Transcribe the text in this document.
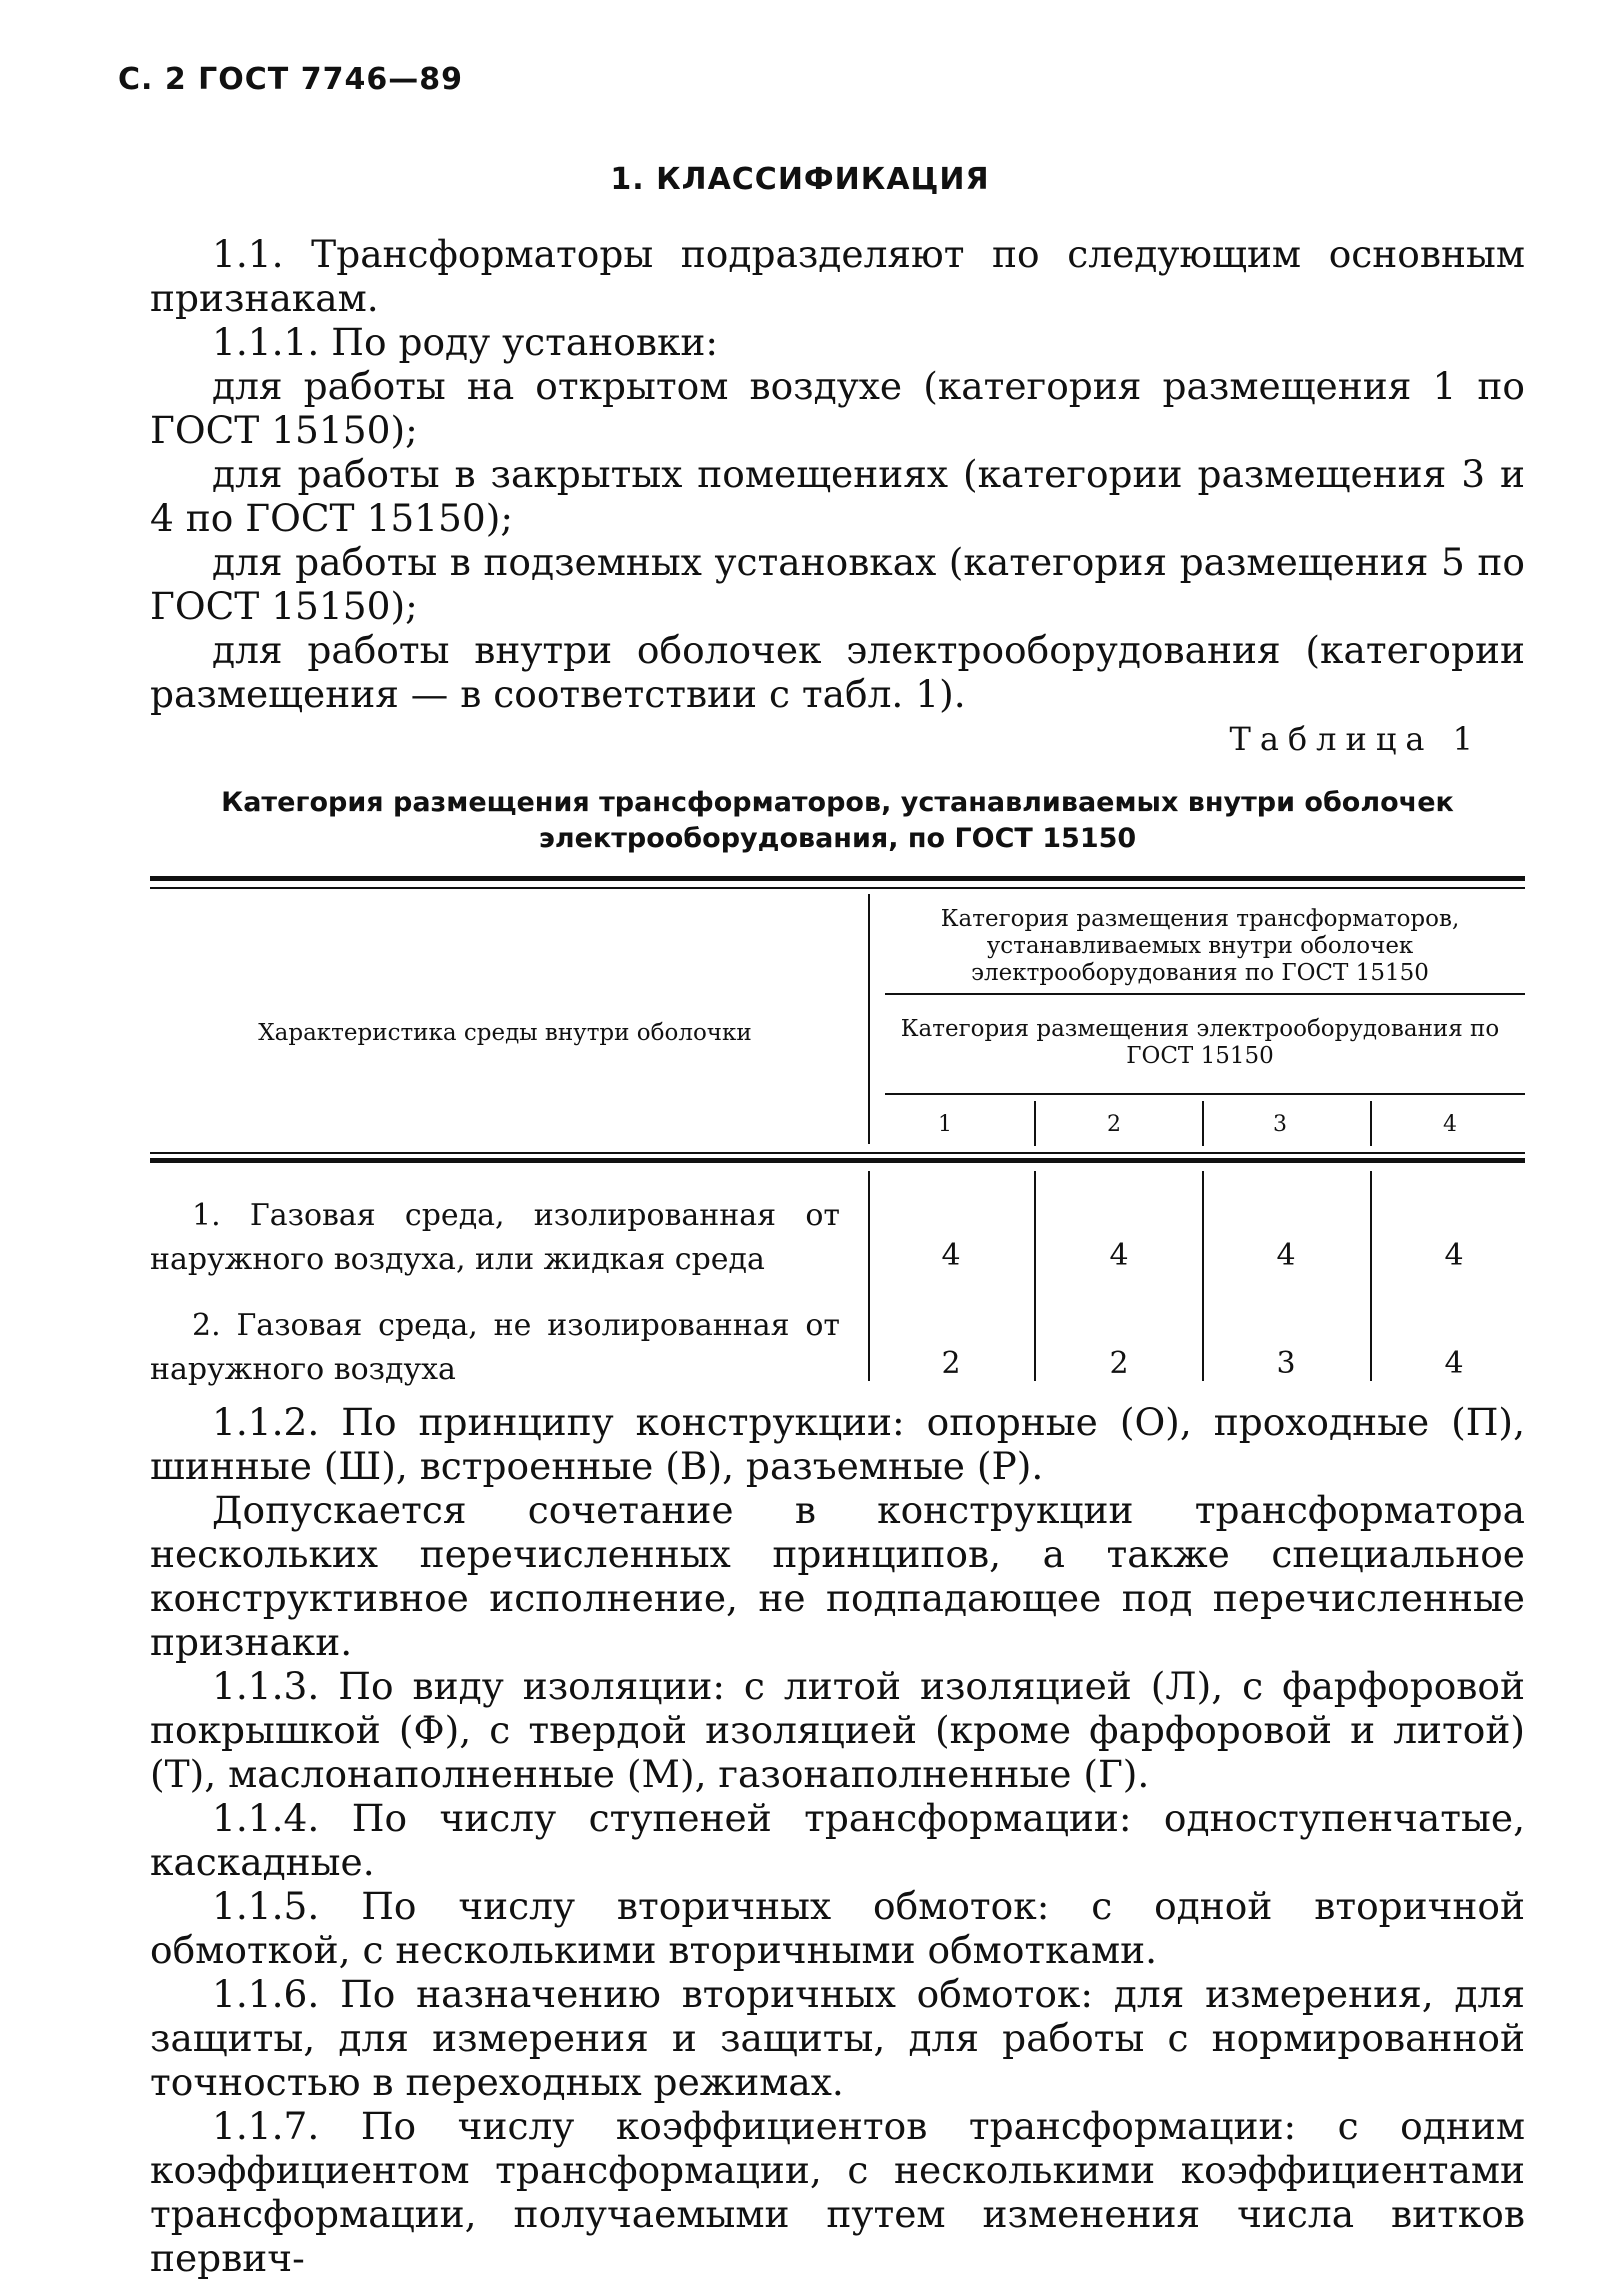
С. 2 ГОСТ 7746—89
1. КЛАССИФИКАЦИЯ

1.1. Трансформаторы подразделяют по следующим основным признакам.

1.1.1. По роду установки:

для работы на открытом воздухе (категория размещения 1 по ГОСТ 15150);

для работы в закрытых помещениях (категории размещения 3 и 4 по ГОСТ 15150);

для работы в подземных установках (категория размещения 5 по ГОСТ 15150);

для работы внутри оболочек электрооборудования (категории размещения — в соответствии с табл. 1).

Таблица 1
Категория размещения трансформаторов, устанавливаемых внутри оболочек электрооборудования, по ГОСТ 15150
Характеристика среды внутри оболочки
Категория размещения трансформаторов, устанавливаемых внутри оболочек электрооборудования по ГОСТ 15150
Категория размещения электрооборудования по ГОСТ 15150
1	2	3	4
1. Газовая среда, изолированная от наружного воздуха, или жидкая среда	4	4	4	4
2. Газовая среда, не изолированная от наружного воздуха	2	2	3	4

1.1.2. По принципу конструкции: опорные (О), проходные (П), шинные (Ш), встроенные (В), разъемные (Р).

Допускается сочетание в конструкции трансформатора нескольких перечисленных принципов, а также специальное конструктивное исполнение, не подпадающее под перечисленные признаки.

1.1.3. По виду изоляции: с литой изоляцией (Л), с фарфоровой покрышкой (Ф), с твердой изоляцией (кроме фарфоровой и литой) (Т), маслонаполненные (М), газонаполненные (Г).

1.1.4. По числу ступеней трансформации: одноступенчатые, каскадные.

1.1.5. По числу вторичных обмоток: с одной вторичной обмоткой, с несколькими вторичными обмотками.

1.1.6. По назначению вторичных обмоток: для измерения, для защиты, для измерения и защиты, для работы с нормированной точностью в переходных режимах.

1.1.7. По числу коэффициентов трансформации: с одним коэффициентом трансформации, с несколькими коэффициентами трансформации, получаемыми путем изменения числа витков первич-
